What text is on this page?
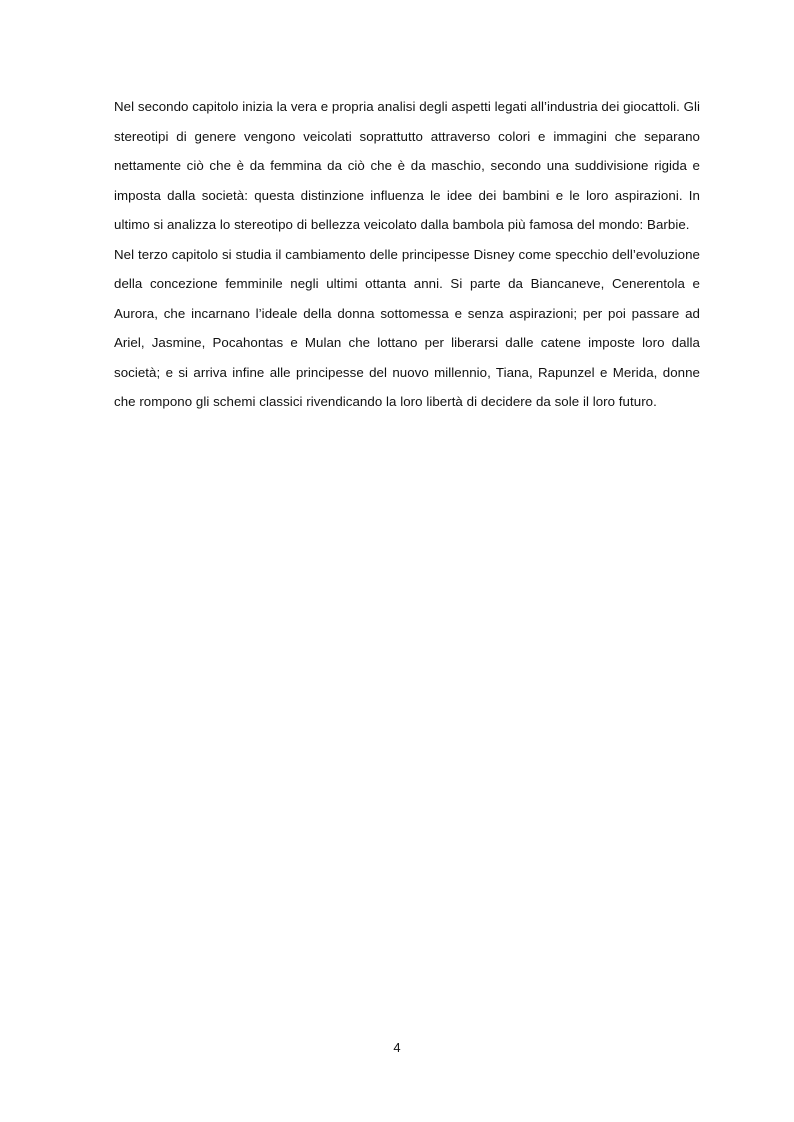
Nel secondo capitolo inizia la vera e propria analisi degli aspetti legati all’industria dei giocattoli. Gli stereotipi di genere vengono veicolati soprattutto attraverso colori e immagini che separano nettamente ciò che è da femmina da ciò che è da maschio, secondo una suddivisione rigida e imposta dalla società: questa distinzione influenza le idee dei bambini e le loro aspirazioni. In ultimo si analizza lo stereotipo di bellezza veicolato dalla bambola più famosa del mondo: Barbie.

Nel terzo capitolo si studia il cambiamento delle principesse Disney come specchio dell’evoluzione della concezione femminile negli ultimi ottanta anni. Si parte da Biancaneve, Cenerentola e Aurora, che incarnano l’ideale della donna sottomessa e senza aspirazioni; per poi passare ad Ariel, Jasmine, Pocahontas e Mulan che lottano per liberarsi dalle catene imposte loro dalla società; e si arriva infine alle principesse del nuovo millennio, Tiana, Rapunzel e Merida, donne che rompono gli schemi classici rivendicando la loro libertà di decidere da sole il loro futuro.

4
